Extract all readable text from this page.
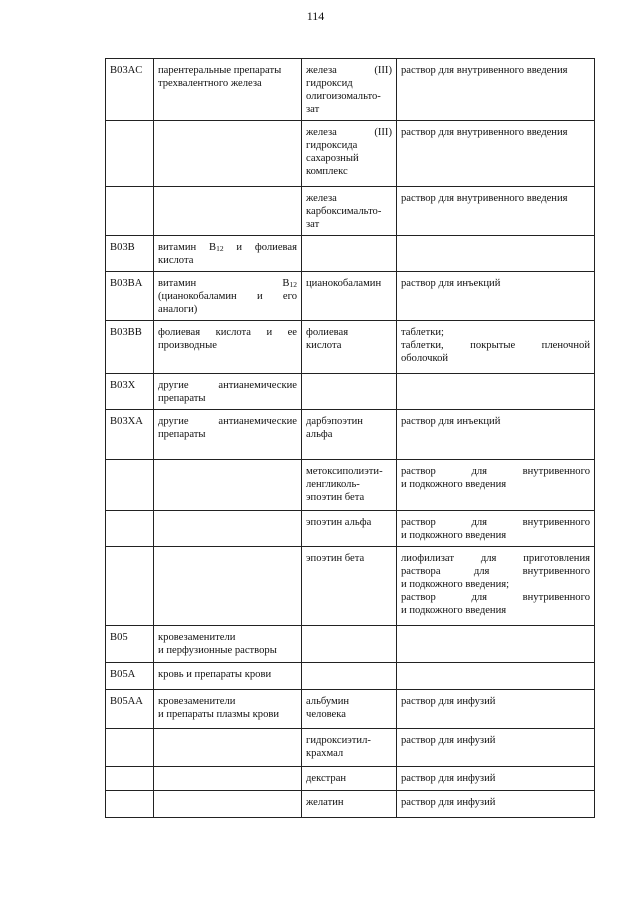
114
B03AC	парентеральные препараты
трехвалентного железа	железа (III)
гидроксид
олигоизомальто-
зат	раствор для внутривенного введения

		железа (III)
гидроксида
сахарозный
комплекс	раствор для внутривенного введения

		железа
карбоксимальто-
зат	раствор для внутривенного введения

B03B	витамин $B_{12}$ и фолиевая
кислота		

B03BA	витамин $B_{12}$
(цианокобаламин и его
аналоги)	цианокобаламин	раствор для инъекций

B03BB	фолиевая кислота и ее
производные	фолиевая
кислота	таблетки;
таблетки, покрытые пленочной
оболочкой

B03X	другие антианемические
препараты		

B03XA	другие антианемические
препараты	дарбэпоэтин
альфа	раствор для инъекций

		метоксиполиэти-
ленгликоль-
эпоэтин бета	раствор для внутривенного
и подкожного введения

		эпоэтин альфа	раствор для внутривенного
и подкожного введения

		эпоэтин бета	лиофилизат для приготовления
раствора для внутривенного
и подкожного введения;
раствор для внутривенного
и подкожного введения

B05	кровезаменители
и перфузионные растворы		

B05A	кровь и препараты крови		

B05AA	кровезаменители
и препараты плазмы крови	альбумин
человека	раствор для инфузий

		гидроксиэтил-
крахмал	раствор для инфузий

		декстран	раствор для инфузий

		желатин	раствор для инфузий
